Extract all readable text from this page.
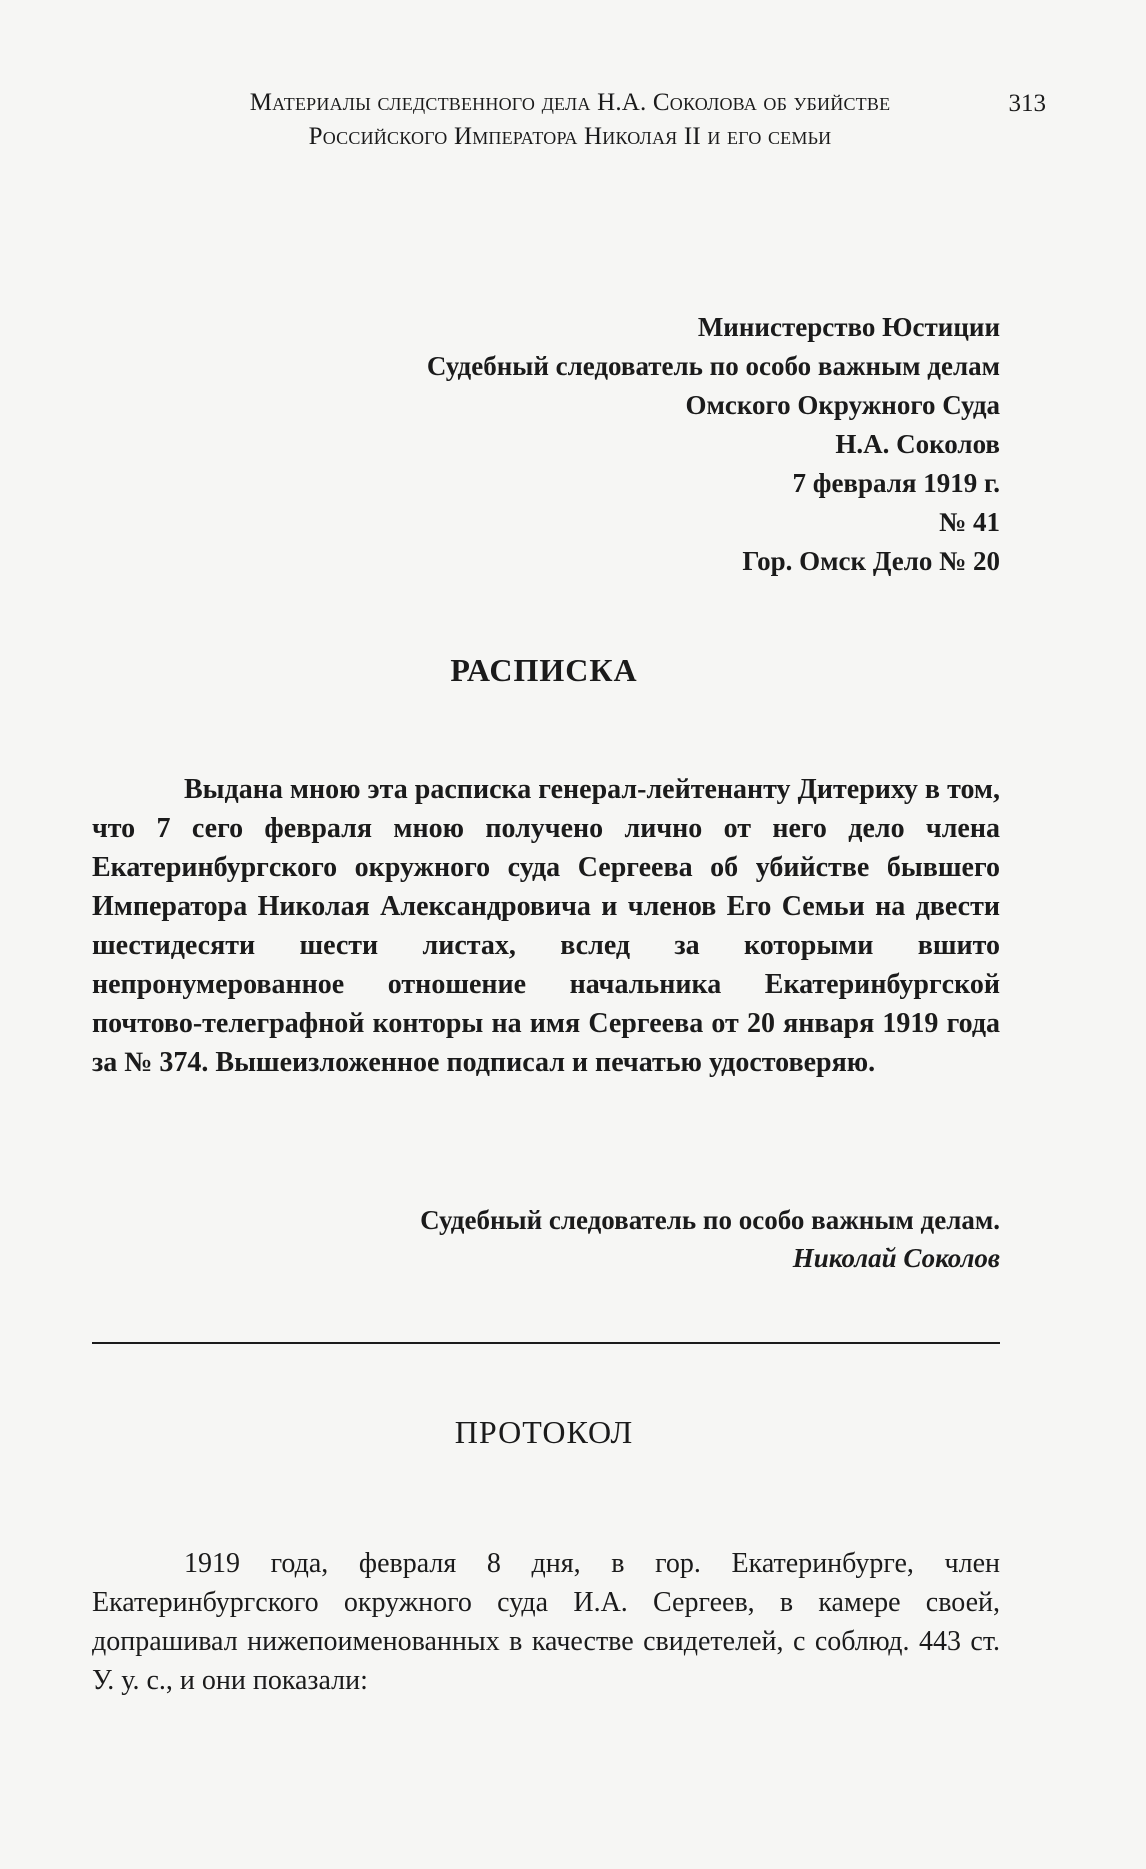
Материалы следственного дела Н.А. Соколова об убийстве
Российского Императора Николая II и его семьи
313
Министерство Юстиции
Судебный следователь по особо важным делам
Омского Окружного Суда
Н.А. Соколов
7 февраля 1919 г.
№ 41
Гор. Омск Дело № 20
РАСПИСКА

Выдана мною эта расписка генерал-лейтенанту Дитериху в том, что 7 сего февраля мною получено лично от него дело члена Екатеринбургского окружного суда Сергеева об убийстве бывшего Императора Николая Александровича и членов Его Семьи на двести шестидесяти шести листах, вслед за которыми вшито непронумерованное отношение начальника Екатеринбургской почтово-телеграфной конторы на имя Сергеева от 20 января 1919 года за № 374. Вышеизложенное подписал и печатью удостоверяю.

Судебный следователь по особо важным делам.
Николай Соколов
ПРОТОКОЛ

1919 года, февраля 8 дня, в гор. Екатеринбурге, член Екатеринбургского окружного суда И.А. Сергеев, в камере своей, допрашивал нижепоименованных в качестве свидетелей, с соблюд. 443 ст. У. у. с., и они показали:
